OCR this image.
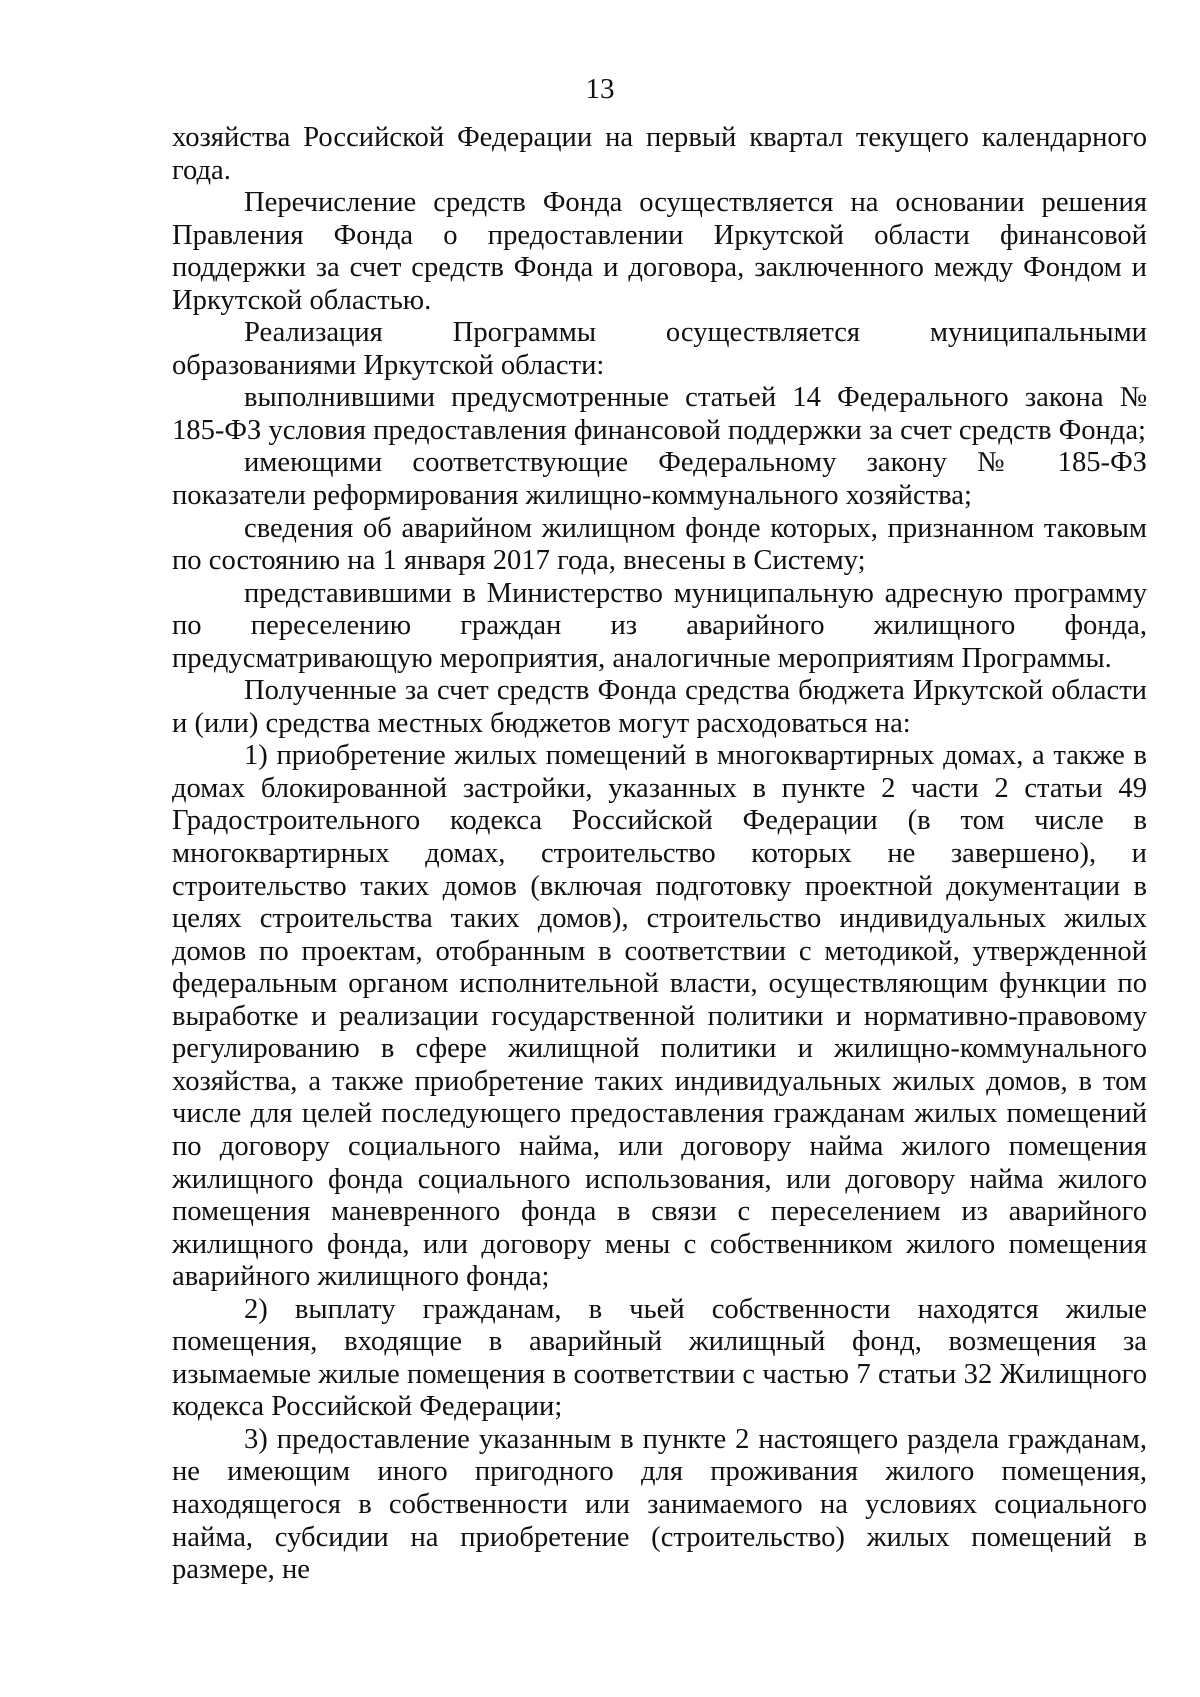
13

хозяйства Российской Федерации на первый квартал текущего календарного года.

Перечисление средств Фонда осуществляется на основании решения Правления Фонда о предоставлении Иркутской области финансовой поддержки за счет средств Фонда и договора, заключенного между Фондом и Иркутской областью.

Реализация Программы осуществляется муниципальными образованиями Иркутской области:

выполнившими предусмотренные статьей 14 Федерального закона № 185-ФЗ условия предоставления финансовой поддержки за счет средств Фонда;

имеющими соответствующие Федеральному закону № 185-ФЗ показатели реформирования жилищно-коммунального хозяйства;

сведения об аварийном жилищном фонде которых, признанном таковым по состоянию на 1 января 2017 года, внесены в Систему;

представившими в Министерство муниципальную адресную программу по переселению граждан из аварийного жилищного фонда, предусматривающую мероприятия, аналогичные мероприятиям Программы.

Полученные за счет средств Фонда средства бюджета Иркутской области и (или) средства местных бюджетов могут расходоваться на:

1) приобретение жилых помещений в многоквартирных домах, а также в домах блокированной застройки, указанных в пункте 2 части 2 статьи 49 Градостроительного кодекса Российской Федерации (в том числе в многоквартирных домах, строительство которых не завершено), и строительство таких домов (включая подготовку проектной документации в целях строительства таких домов), строительство индивидуальных жилых домов по проектам, отобранным в соответствии с методикой, утвержденной федеральным органом исполнительной власти, осуществляющим функции по выработке и реализации государственной политики и нормативно-правовому регулированию в сфере жилищной политики и жилищно-коммунального хозяйства, а также приобретение таких индивидуальных жилых домов, в том числе для целей последующего предоставления гражданам жилых помещений по договору социального найма, или договору найма жилого помещения жилищного фонда социального использования, или договору найма жилого помещения маневренного фонда в связи с переселением из аварийного жилищного фонда, или договору мены с собственником жилого помещения аварийного жилищного фонда;

2) выплату гражданам, в чьей собственности находятся жилые помещения, входящие в аварийный жилищный фонд, возмещения за изымаемые жилые помещения в соответствии с частью 7 статьи 32 Жилищного кодекса Российской Федерации;

3) предоставление указанным в пункте 2 настоящего раздела гражданам, не имеющим иного пригодного для проживания жилого помещения, находящегося в собственности или занимаемого на условиях социального найма, субсидии на приобретение (строительство) жилых помещений в размере, не
